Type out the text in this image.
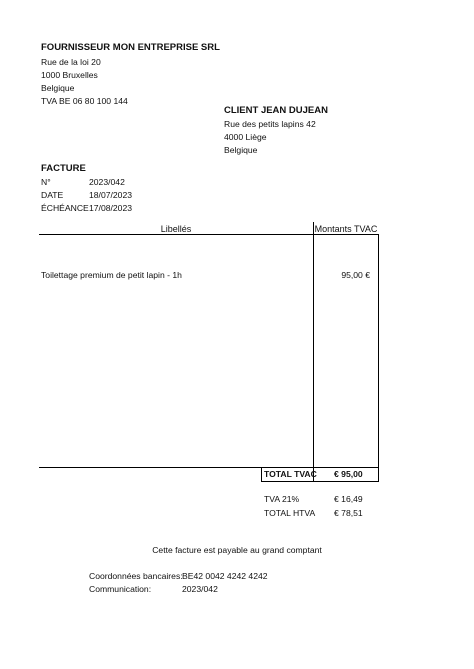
FOURNISSEUR MON ENTREPRISE SRL
Rue de la loi 20
1000 Bruxelles
Belgique
TVA BE 06 80 100 144
CLIENT JEAN DUJEAN
Rue des petits lapins 42
4000 Liège
Belgique
FACTURE
N°	2023/042
DATE	18/07/2023
ÉCHÉANCE 17/08/2023
Libellés	Montants TVAC
Toilettage premium de petit lapin - 1h	95,00 €
TOTAL TVAC € 95,00
TVA 21%	€ 16,49
TOTAL HTVA € 78,51
Cette facture est payable au grand comptant
Coordonnées bancaires: BE42 0042 4242 4242
Communication:	2023/042
